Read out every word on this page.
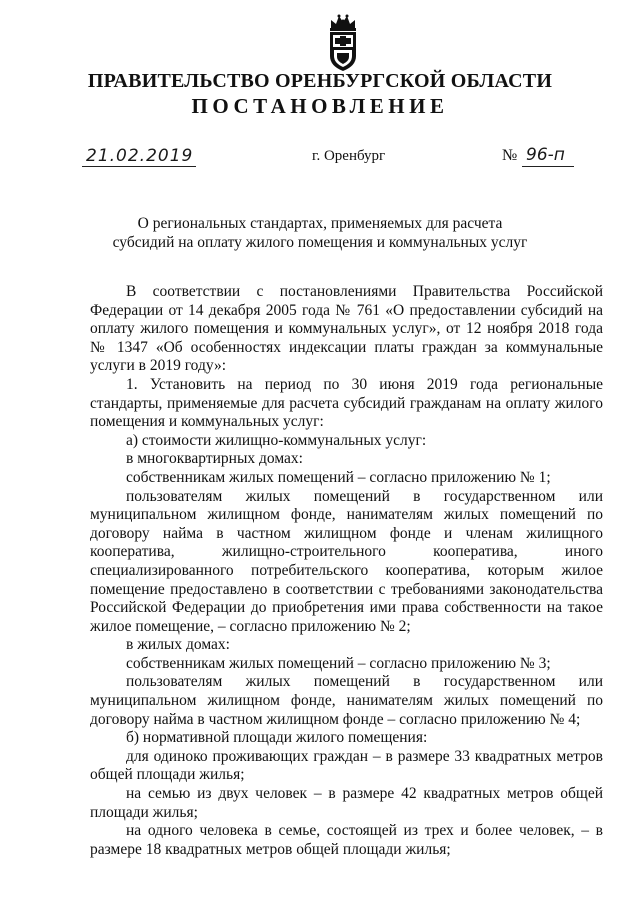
ПРАВИТЕЛЬСТВО ОРЕНБУРГСКОЙ ОБЛАСТИ
ПОСТАНОВЛЕНИЕ
21.02.2019	г. Оренбург	№ 96-п
О региональных стандартах, применяемых для расчета
субсидий на оплату жилого помещения и коммунальных услуг

В соответствии с постановлениями Правительства Российской Федерации от 14 декабря 2005 года № 761 «О предоставлении субсидий на оплату жилого помещения и коммунальных услуг», от 12 ноября 2018 года № 1347 «Об особенностях индексации платы граждан за коммунальные услуги в 2019 году»:

1. Установить на период по 30 июня 2019 года региональные стандарты, применяемые для расчета субсидий гражданам на оплату жилого помещения и коммунальных услуг:

а) стоимости жилищно-коммунальных услуг:

в многоквартирных домах:

собственникам жилых помещений – согласно приложению № 1;

пользователям жилых помещений в государственном или муниципальном жилищном фонде, нанимателям жилых помещений по договору найма в частном жилищном фонде и членам жилищного кооператива, жилищно-строительного кооператива, иного специализированного потребительского кооператива, которым жилое помещение предоставлено в соответствии с требованиями законодательства Российской Федерации до приобретения ими права собственности на такое жилое помещение, – согласно приложению № 2;

в жилых домах:

собственникам жилых помещений – согласно приложению № 3;

пользователям жилых помещений в государственном или муниципальном жилищном фонде, нанимателям жилых помещений по договору найма в частном жилищном фонде – согласно приложению № 4;

б) нормативной площади жилого помещения:

для одиноко проживающих граждан – в размере 33 квадратных метров общей площади жилья;

на семью из двух человек – в размере 42 квадратных метров общей площади жилья;

на одного человека в семье, состоящей из трех и более человек, – в размере 18 квадратных метров общей площади жилья;
